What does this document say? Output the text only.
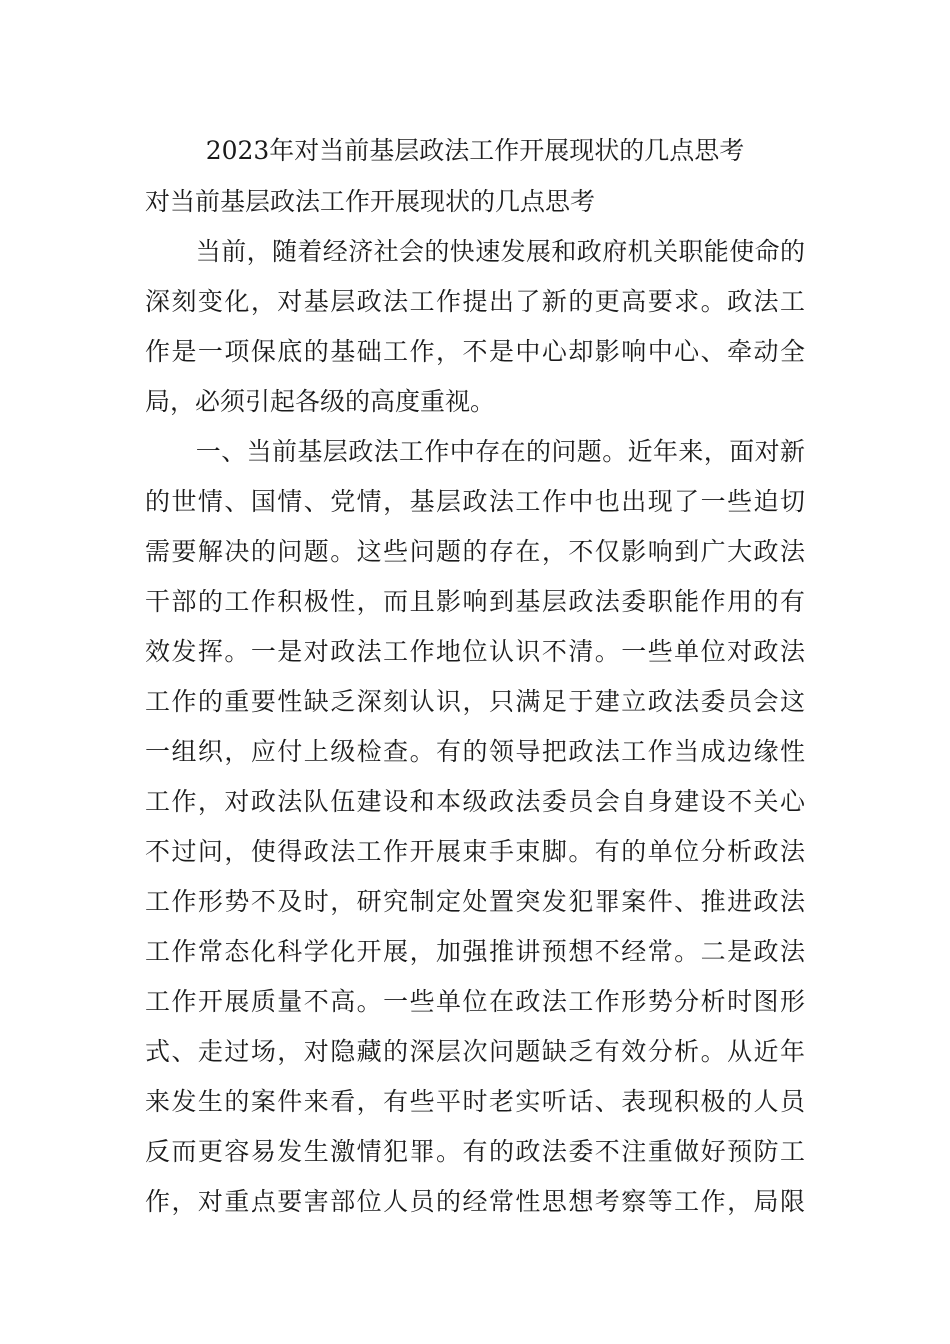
2023年对当前基层政法工作开展现状的几点思考
对当前基层政法工作开展现状的几点思考
　　当前，随着经济社会的快速发展和政府机关职能使命的
深刻变化，对基层政法工作提出了新的更高要求。政法工
作是一项保底的基础工作，不是中心却影响中心、牵动全
局，必须引起各级的高度重视。
　　一、当前基层政法工作中存在的问题。近年来，面对新
的世情、国情、党情，基层政法工作中也出现了一些迫切
需要解决的问题。这些问题的存在，不仅影响到广大政法
干部的工作积极性，而且影响到基层政法委职能作用的有
效发挥。一是对政法工作地位认识不清。一些单位对政法
工作的重要性缺乏深刻认识，只满足于建立政法委员会这
一组织，应付上级检查。有的领导把政法工作当成边缘性
工作，对政法队伍建设和本级政法委员会自身建设不关心
不过问，使得政法工作开展束手束脚。有的单位分析政法
工作形势不及时，研究制定处置突发犯罪案件、推进政法
工作常态化科学化开展，加强推讲预想不经常。二是政法
工作开展质量不高。一些单位在政法工作形势分析时图形
式、走过场，对隐藏的深层次问题缺乏有效分析。从近年
来发生的案件来看，有些平时老实听话、表现积极的人员
反而更容易发生激情犯罪。有的政法委不注重做好预防工
作，对重点要害部位人员的经常性思想考察等工作，局限
